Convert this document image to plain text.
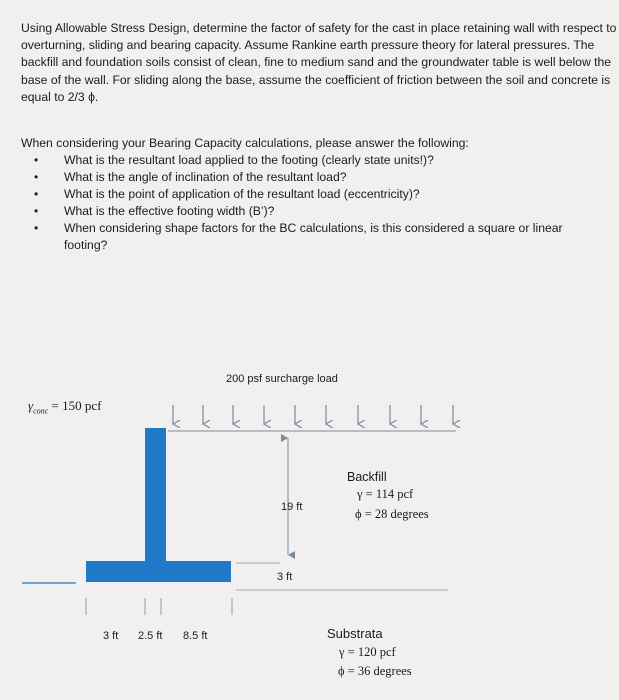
Using Allowable Stress Design, determine the factor of safety for the cast in place retaining wall with respect to overturning, sliding and bearing capacity. Assume Rankine earth pressure theory for lateral pressures. The backfill and foundation soils consist of clean, fine to medium sand and the groundwater table is well below the base of the wall. For sliding along the base, assume the coefficient of friction between the soil and concrete is equal to 2/3 ϕ.

When considering your Bearing Capacity calculations, please answer the following:

•	What is the resultant load applied to the footing (clearly state units!)?
•	What is the angle of inclination of the resultant load?
•	What is the point of application of the resultant load (eccentricity)?
•	What is the effective footing width (B’)?
•	When considering shape factors for the BC calculations, is this considered a square or linear footing?
200 psf surcharge load
$\gamma_{conc} = 150$ pcf
Backfill
γ = 114 pcf
ϕ = 28 degrees
19 ft
3 ft
3 ft 2.5 ft 8.5 ft	Substrata
γ = 120 pcf
ϕ = 36 degrees
